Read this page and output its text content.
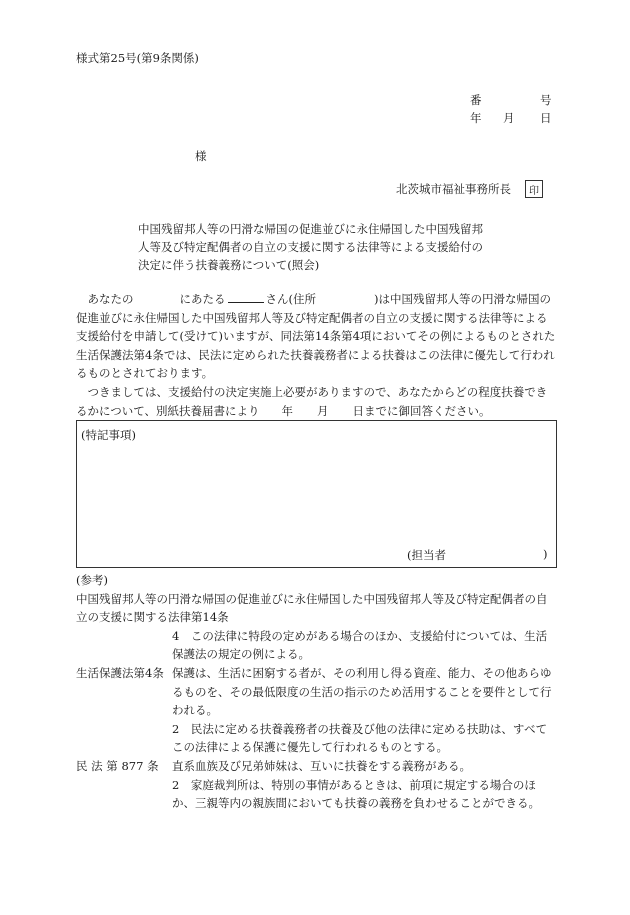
様式第25号(第9条関係)
番	号
年 月 日
様
北茨城市福祉事務所長	印
中国残留邦人等の円滑な帰国の促進並びに永住帰国した中国残留邦
人等及び特定配偶者の自立の支援に関する法律等による支援給付の
決定に伴う扶養義務について(照会)

　あなたの	にあたる	さん(住所	)は中国残留邦人等の円滑な帰国の促進並びに永住帰国した中国残留邦人等及び特定配偶者の自立の支援に関する法律等による支援給付を申請して(受けて)いますが、同法第14条第4項においてその例によるものとされた生活保護法第4条では、民法に定められた扶養義務者による扶養はこの法律に優先して行われるものとされております。

　つきましては、支援給付の決定実施上必要がありますので、あなたからどの程度扶養できるかについて、別紙扶養届書により 年 月 日までに御回答ください。

(特記事項)
(担当者	)
(参考)
中国残留邦人等の円滑な帰国の促進並びに永住帰国した中国残留邦人等及び特定配偶者の自立の支援に関する法律第14条
4　この法律に特段の定めがある場合のほか、支援給付については、生活保護法の規定の例による。
生活保護法第4条 保護は、生活に困窮する者が、その利用し得る資産、能力、その他あらゆるものを、その最低限度の生活の指示のため活用することを要件として行われる。
2　民法に定める扶養義務者の扶養及び他の法律に定める扶助は、すべてこの法律による保護に優先して行われるものとする。
民 法 第 877 条	直系血族及び兄弟姉妹は、互いに扶養をする義務がある。
2　家庭裁判所は、特別の事情があるときは、前項に規定する場合のほか、三親等内の親族間においても扶養の義務を負わせることができる。
